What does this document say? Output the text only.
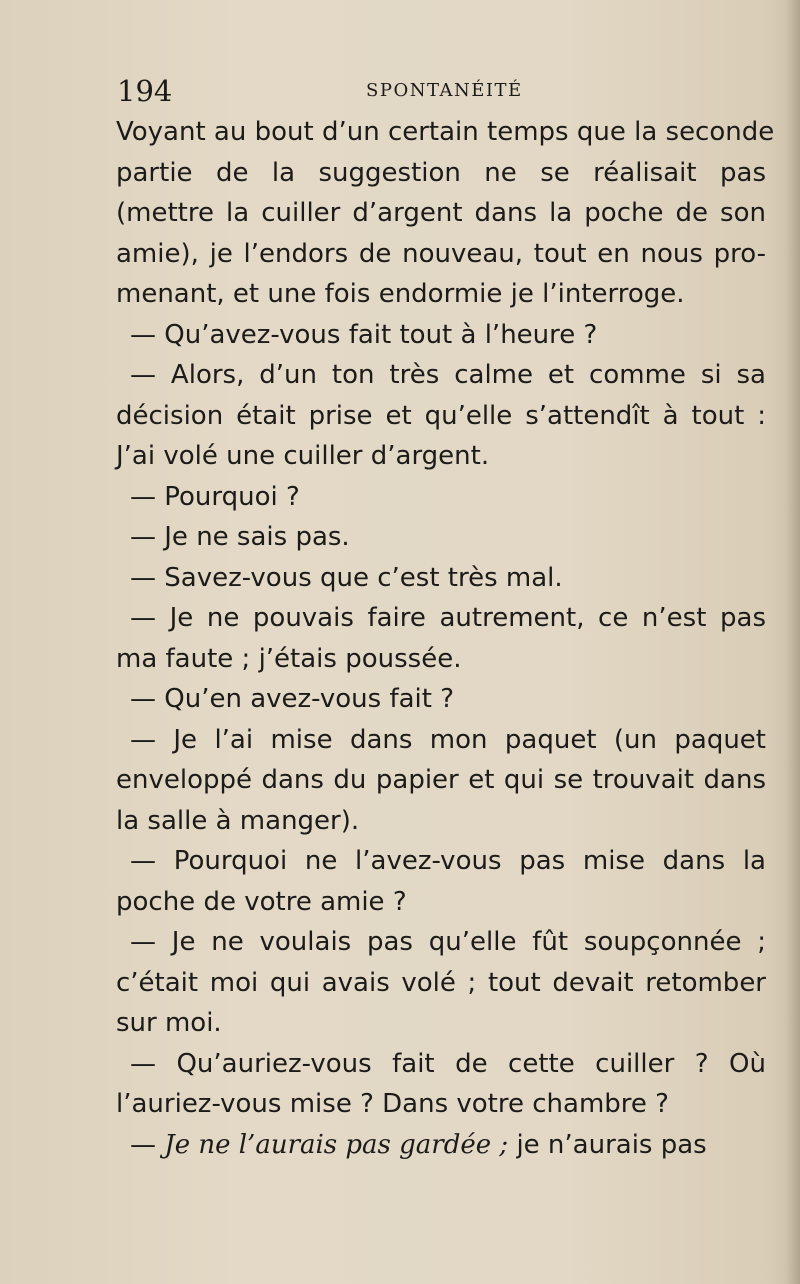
194	SPONTANÉITÉ
Voyant au bout d’un certain temps que la seconde
partie de la suggestion ne se réalisait pas
(mettre la cuiller d’argent dans la poche de son
amie), je l’endors de nouveau, tout en nous pro-
menant, et une fois endormie je l’interroge.
— Qu’avez-vous fait tout à l’heure ?
— Alors, d’un ton très calme et comme si sa
décision était prise et qu’elle s’attendît à tout :
J’ai volé une cuiller d’argent.
— Pourquoi ?
— Je ne sais pas.
— Savez-vous que c’est très mal.
— Je ne pouvais faire autrement, ce n’est pas
ma faute ; j’étais poussée.
— Qu’en avez-vous fait ?
— Je l’ai mise dans mon paquet (un paquet
enveloppé dans du papier et qui se trouvait dans
la salle à manger).
— Pourquoi ne l’avez-vous pas mise dans la
poche de votre amie ?
— Je ne voulais pas qu’elle fût soupçonnée ;
c’était moi qui avais volé ; tout devait retomber
sur moi.
— Qu’auriez-vous fait de cette cuiller ? Où
l’auriez-vous mise ? Dans votre chambre ?
— Je ne l’aurais pas gardée ; je n’aurais pas
